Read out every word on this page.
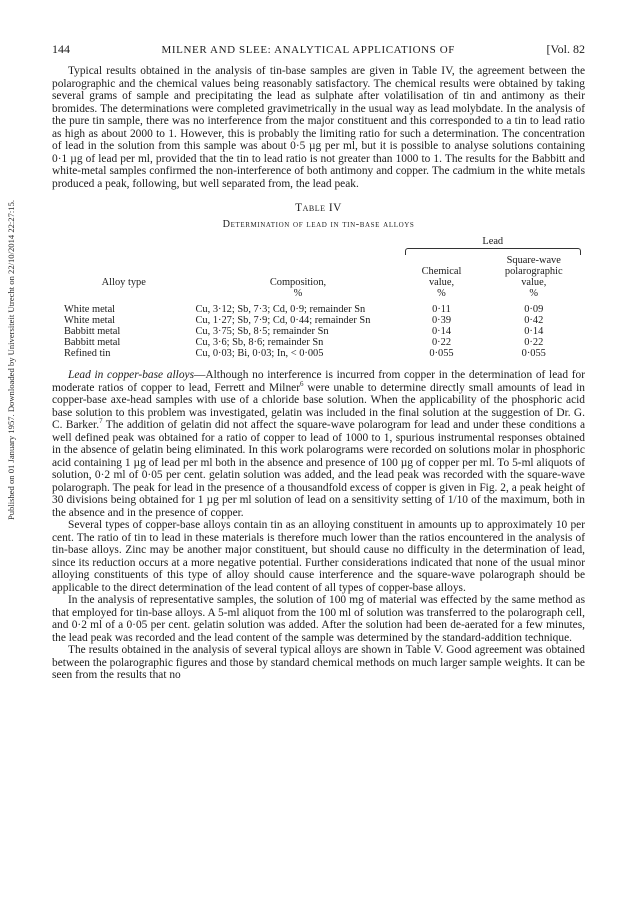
Published on 01 January 1957. Downloaded by Universiteit Utrecht on 22/10/2014 22:27:15.
144	MILNER AND SLEE: ANALYTICAL APPLICATIONS OF	[Vol. 82

Typical results obtained in the analysis of tin-base samples are given in Table IV, the agreement between the polarographic and the chemical values being reasonably satisfactory. The chemical results were obtained by taking several grams of sample and precipitating the lead as sulphate after volatilisation of tin and antimony as their bromides. The determinations were completed gravimetrically in the usual way as lead molybdate. In the analysis of the pure tin sample, there was no interference from the major constituent and this corresponded to a tin to lead ratio as high as about 2000 to 1. However, this is probably the limiting ratio for such a determination. The concentration of lead in the solution from this sample was about 0·5 µg per ml, but it is possible to analyse solutions containing 0·1 µg of lead per ml, provided that the tin to lead ratio is not greater than 1000 to 1. The results for the Babbitt and white-metal samples confirmed the non-interference of both antimony and copper. The cadmium in the white metals produced a peak, following, but well separated from, the lead peak.

Table IV
Determination of lead in tin-base alloys

		Lead	

			Square-wave
		Chemical	polarographic
Alloy type	Composition,	value,	value,
	%	%	%

White metal	Cu, 3·12; Sb, 7·3; Cd, 0·9; remainder Sn	0·11	0·09
White metal	Cu, 1·27; Sb, 7·9; Cd, 0·44; remainder Sn	0·39	0·42
Babbitt metal	Cu, 3·75; Sb, 8·5; remainder Sn	0·14	0·14
Babbitt metal	Cu, 3·6; Sb, 8·6; remainder Sn	0·22	0·22
Refined tin	Cu, 0·03; Bi, 0·03; In, < 0·005	0·055	0·055

Lead in copper-base alloys—Although no interference is incurred from copper in the determination of lead for moderate ratios of copper to lead, Ferrett and Milner$^6$ were unable to determine directly small amounts of lead in copper-base axe-head samples with use of a chloride base solution. When the applicability of the phosphoric acid base solution to this problem was investigated, gelatin was included in the final solution at the suggestion of Dr. G. C. Barker.$^7$ The addition of gelatin did not affect the square-wave polarogram for lead and under these conditions a well defined peak was obtained for a ratio of copper to lead of 1000 to 1, spurious instrumental responses obtained in the absence of gelatin being eliminated. In this work polarograms were recorded on solutions molar in phosphoric acid containing 1 µg of lead per ml both in the absence and presence of 100 µg of copper per ml. To 5-ml aliquots of solution, 0·2 ml of 0·05 per cent. gelatin solution was added, and the lead peak was recorded with the square-wave polarograph. The peak for lead in the presence of a thousandfold excess of copper is given in Fig. 2, a peak height of 30 divisions being obtained for 1 µg per ml solution of lead on a sensitivity setting of 1/10 of the maximum, both in the absence and in the presence of copper.

Several types of copper-base alloys contain tin as an alloying constituent in amounts up to approximately 10 per cent. The ratio of tin to lead in these materials is therefore much lower than the ratios encountered in the analysis of tin-base alloys. Zinc may be another major constituent, but should cause no difficulty in the determination of lead, since its reduction occurs at a more negative potential. Further considerations indicated that none of the usual minor alloying constituents of this type of alloy should cause interference and the square-wave polarograph should be applicable to the direct determination of the lead content of all types of copper-base alloys.

In the analysis of representative samples, the solution of 100 mg of material was effected by the same method as that employed for tin-base alloys. A 5-ml aliquot from the 100 ml of solution was transferred to the polarograph cell, and 0·2 ml of a 0·05 per cent. gelatin solution was added. After the solution had been de-aerated for a few minutes, the lead peak was recorded and the lead content of the sample was determined by the standard-addition technique.

The results obtained in the analysis of several typical alloys are shown in Table V. Good agreement was obtained between the polarographic figures and those by standard chemical methods on much larger sample weights. It can be seen from the results that no
